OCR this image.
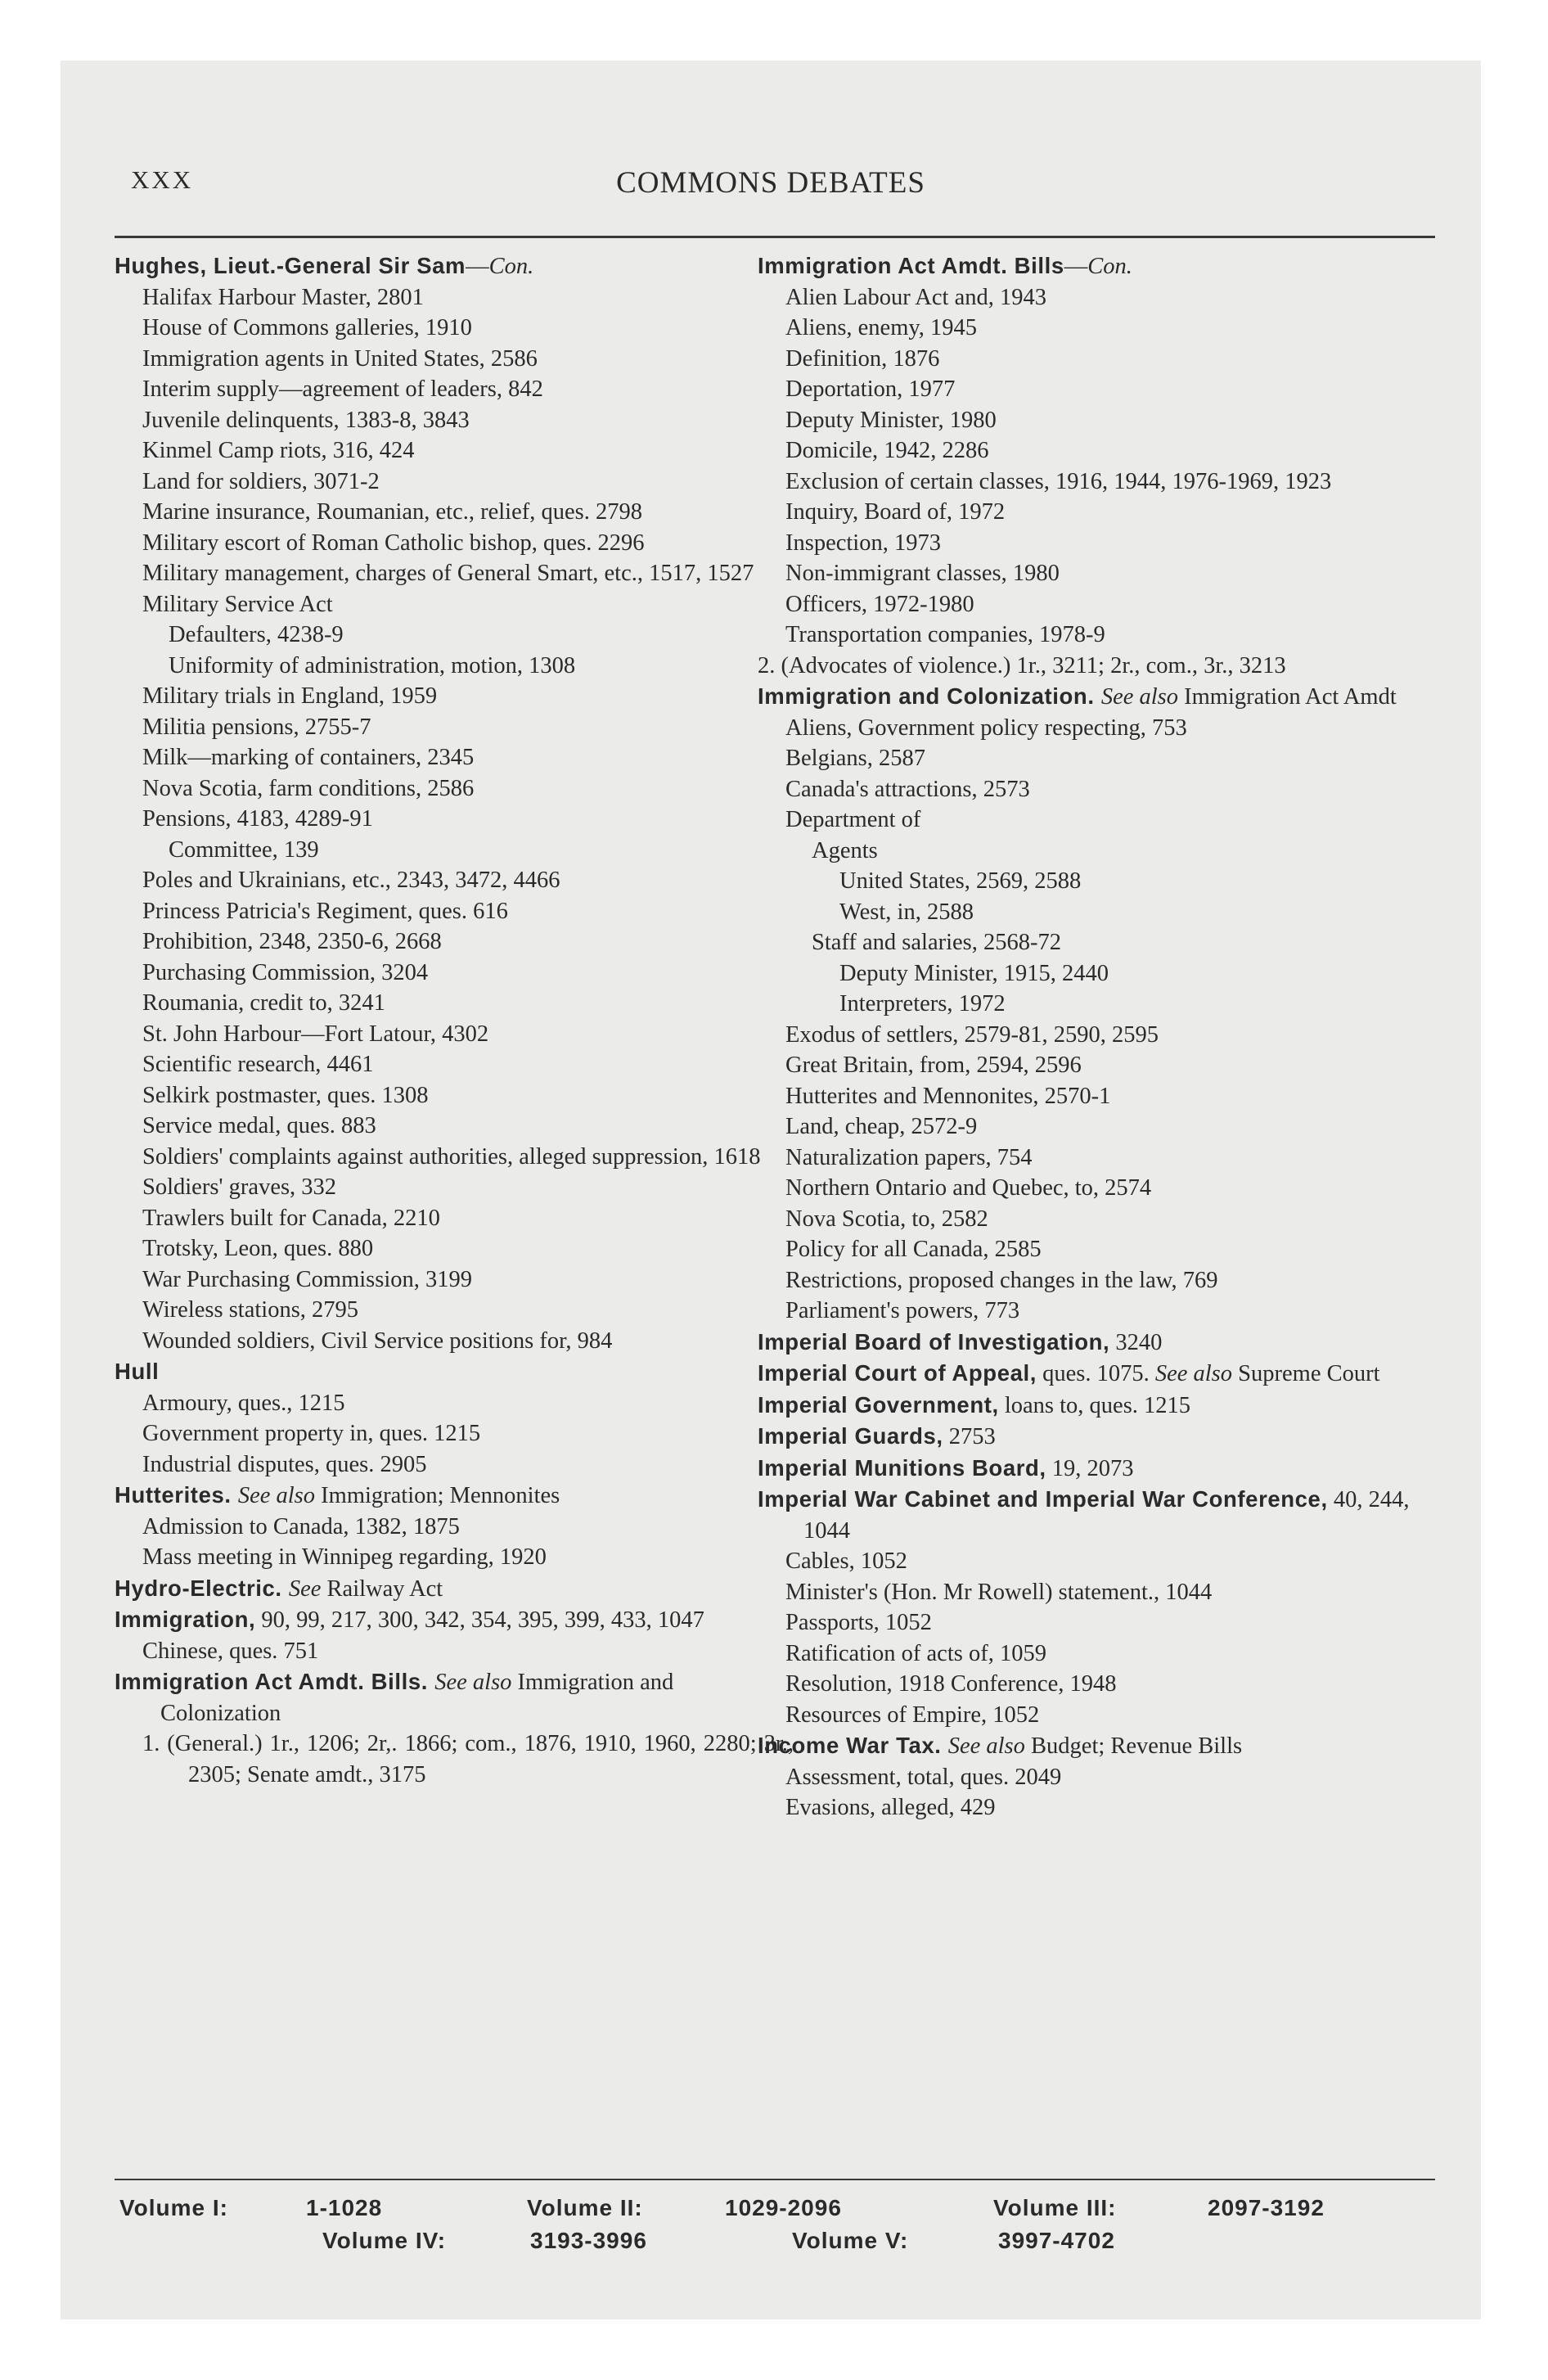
XXX	COMMONS DEBATES
Hughes, Lieut.-General Sir Sam—Con.
Halifax Harbour Master, 2801
House of Commons galleries, 1910
Immigration agents in United States, 2586
Interim supply—agreement of leaders, 842
Juvenile delinquents, 1383-8, 3843
Kinmel Camp riots, 316, 424
Land for soldiers, 3071-2
Marine insurance, Roumanian, etc., relief, ques. 2798
Military escort of Roman Catholic bishop, ques. 2296
Military management, charges of General Smart, etc., 1517, 1527
Military Service Act
Defaulters, 4238-9
Uniformity of administration, motion, 1308
Military trials in England, 1959
Militia pensions, 2755-7
Milk—marking of containers, 2345
Nova Scotia, farm conditions, 2586
Pensions, 4183, 4289-91
Committee, 139
Poles and Ukrainians, etc., 2343, 3472, 4466
Princess Patricia's Regiment, ques. 616
Prohibition, 2348, 2350-6, 2668
Purchasing Commission, 3204
Roumania, credit to, 3241
St. John Harbour—Fort Latour, 4302
Scientific research, 4461
Selkirk postmaster, ques. 1308
Service medal, ques. 883
Soldiers' complaints against authorities, alleged suppression, 1618
Soldiers' graves, 332
Trawlers built for Canada, 2210
Trotsky, Leon, ques. 880
War Purchasing Commission, 3199
Wireless stations, 2795
Wounded soldiers, Civil Service positions for, 984
Hull
Armoury, ques., 1215
Government property in, ques. 1215
Industrial disputes, ques. 2905
Hutterites. See also Immigration; Mennonites
Admission to Canada, 1382, 1875
Mass meeting in Winnipeg regarding, 1920
Hydro-Electric. See Railway Act
Immigration, 90, 99, 217, 300, 342, 354, 395, 399, 433, 1047
Chinese, ques. 751
Immigration Act Amdt. Bills. See also Immigration and Colonization
1. (General.) 1r., 1206; 2r,. 1866; com., 1876, 1910, 1960, 2280; 3r., 2305; Senate amdt., 3175
Immigration Act Amdt. Bills—Con.
Alien Labour Act and, 1943
Aliens, enemy, 1945
Definition, 1876
Deportation, 1977
Deputy Minister, 1980
Domicile, 1942, 2286
Exclusion of certain classes, 1916, 1944, 1976-1969, 1923
Inquiry, Board of, 1972
Inspection, 1973
Non-immigrant classes, 1980
Officers, 1972-1980
Transportation companies, 1978-9
2. (Advocates of violence.) 1r., 3211; 2r., com., 3r., 3213
Immigration and Colonization. See also Immigration Act Amdt
Aliens, Government policy respecting, 753
Belgians, 2587
Canada's attractions, 2573
Department of
Agents
United States, 2569, 2588
West, in, 2588
Staff and salaries, 2568-72
Deputy Minister, 1915, 2440
Interpreters, 1972
Exodus of settlers, 2579-81, 2590, 2595
Great Britain, from, 2594, 2596
Hutterites and Mennonites, 2570-1
Land, cheap, 2572-9
Naturalization papers, 754
Northern Ontario and Quebec, to, 2574
Nova Scotia, to, 2582
Policy for all Canada, 2585
Restrictions, proposed changes in the law, 769
Parliament's powers, 773
Imperial Board of Investigation, 3240
Imperial Court of Appeal, ques. 1075. See also Supreme Court
Imperial Government, loans to, ques. 1215
Imperial Guards, 2753
Imperial Munitions Board, 19, 2073
Imperial War Cabinet and Imperial War Conference, 40, 244, 1044
Cables, 1052
Minister's (Hon. Mr Rowell) statement., 1044
Passports, 1052
Ratification of acts of, 1059
Resolution, 1918 Conference, 1948
Resources of Empire, 1052
Income War Tax. See also Budget; Revenue Bills
Assessment, total, ques. 2049
Evasions, alleged, 429
Volume I:	1-1028	Volume II:	1029-2096	Volume III:	2097-3192
Volume IV:	3193-3996	Volume V:	3997-4702
